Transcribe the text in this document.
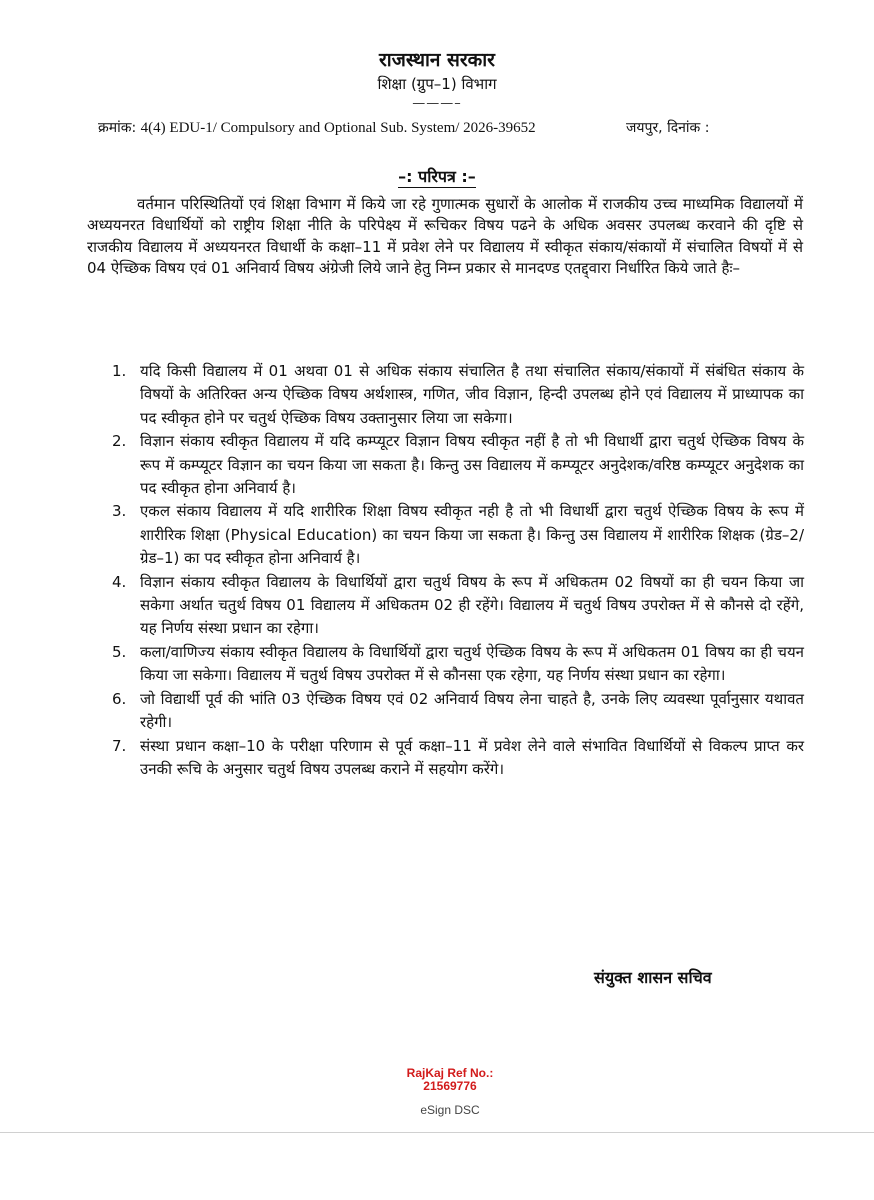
राजस्थान सरकार
शिक्षा (ग्रुप–1) विभाग
———–
क्रमांक: 4(4) EDU-1/ Compulsory and Optional Sub. System/ 2026-39652	जयपुर, दिनांक :
–: परिपत्र :–
वर्तमान परिस्थितियों एवं शिक्षा विभाग में किये जा रहे गुणात्मक सुधारों के आलोक में राजकीय उच्च माध्यमिक विद्यालयों में अध्ययनरत विधार्थियों को राष्ट्रीय शिक्षा नीति के परिपेक्ष्य में रूचिकर विषय पढने के अधिक अवसर उपलब्ध करवाने की दृष्टि से राजकीय विद्यालय में अध्ययनरत विधार्थी के कक्षा–11 में प्रवेश लेने पर विद्यालय में स्वीकृत संकाय/संकायों में संचालित विषयों में से 04 ऐच्छिक विषय एवं 01 अनिवार्य विषय अंग्रेजी लिये जाने हेतु निम्न प्रकार से मानदण्ड एतद्द्वारा निर्धारित किये जाते हैः–
1. यदि किसी विद्यालय में 01 अथवा 01 से अधिक संकाय संचालित है तथा संचालित संकाय/संकायों में संबंधित संकाय के विषयों के अतिरिक्त अन्य ऐच्छिक विषय अर्थशास्त्र, गणित, जीव विज्ञान, हिन्दी उपलब्ध होने एवं विद्यालय में प्राध्यापक का पद स्वीकृत होने पर चतुर्थ ऐच्छिक विषय उक्तानुसार लिया जा सकेगा।
2. विज्ञान संकाय स्वीकृत विद्यालय में यदि कम्प्यूटर विज्ञान विषय स्वीकृत नहीं है तो भी विधार्थी द्वारा चतुर्थ ऐच्छिक विषय के रूप में कम्प्यूटर विज्ञान का चयन किया जा सकता है। किन्तु उस विद्यालय में कम्प्यूटर अनुदेशक/वरिष्ठ कम्प्यूटर अनुदेशक का पद स्वीकृत होना अनिवार्य है।
3. एकल संकाय विद्यालय में यदि शारीरिक शिक्षा विषय स्वीकृत नही है तो भी विधार्थी द्वारा चतुर्थ ऐच्छिक विषय के रूप में शारीरिक शिक्षा (Physical Education) का चयन किया जा सकता है। किन्तु उस विद्यालय में शारीरिक शिक्षक (ग्रेड–2/ग्रेड–1) का पद स्वीकृत होना अनिवार्य है।
4. विज्ञान संकाय स्वीकृत विद्यालय के विधार्थियों द्वारा चतुर्थ विषय के रूप में अधिकतम 02 विषयों का ही चयन किया जा सकेगा अर्थात चतुर्थ विषय 01 विद्यालय में अधिकतम 02 ही रहेंगे। विद्यालय में चतुर्थ विषय उपरोक्त में से कौनसे दो रहेंगे, यह निर्णय संस्था प्रधान का रहेगा।
5. कला/वाणिज्य संकाय स्वीकृत विद्यालय के विधार्थियों द्वारा चतुर्थ ऐच्छिक विषय के रूप में अधिकतम 01 विषय का ही चयन किया जा सकेगा। विद्यालय में चतुर्थ विषय उपरोक्त में से कौनसा एक रहेगा, यह निर्णय संस्था प्रधान का रहेगा।
6. जो विद्यार्थी पूर्व की भांति 03 ऐच्छिक विषय एवं 02 अनिवार्य विषय लेना चाहते है, उनके लिए व्यवस्था पूर्वानुसार यथावत रहेगी।
7. संस्था प्रधान कक्षा–10 के परीक्षा परिणाम से पूर्व कक्षा–11 में प्रवेश लेने वाले संभावित विधार्थियों से विकल्प प्राप्त कर उनकी रूचि के अनुसार चतुर्थ विषय उपलब्ध कराने में सहयोग करेंगे।
संयुक्त शासन सचिव
RajKaj Ref No.:
21569776
eSign DSC
